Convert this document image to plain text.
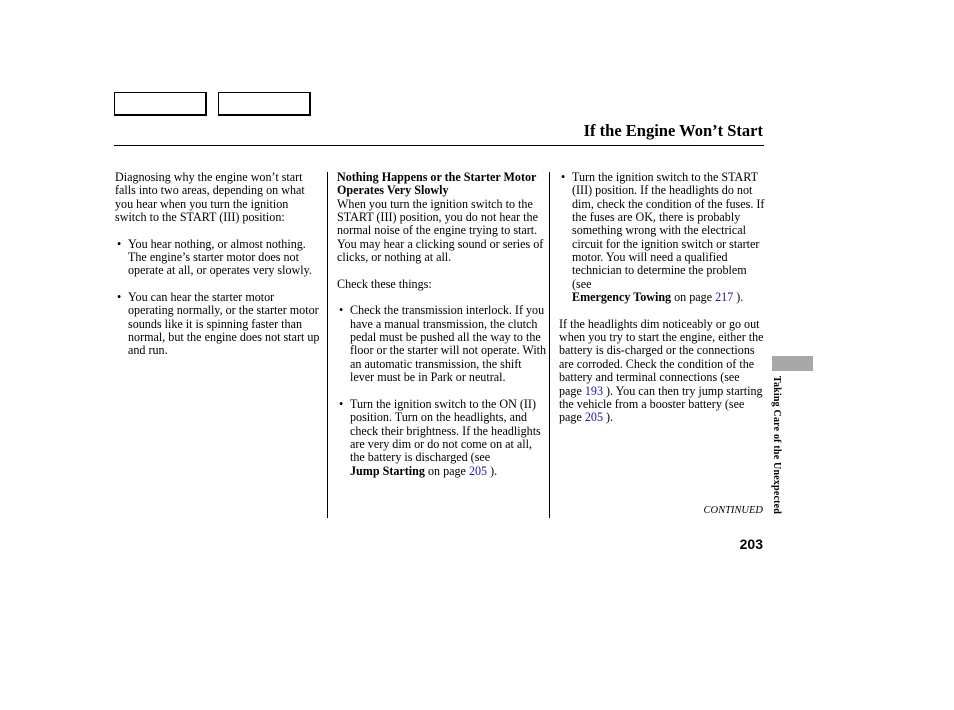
If the Engine Won’t Start

Diagnosing why the engine won’t start falls into two areas, depending on what you hear when you turn the ignition switch to the START (III) position:

• You hear nothing, or almost nothing. The engine’s starter motor does not operate at all, or operates very slowly.

• You can hear the starter motor operating normally, or the starter motor sounds like it is spinning faster than normal, but the engine does not start up and run.

Nothing Happens or the Starter Motor Operates Very Slowly

When you turn the ignition switch to the START (III) position, you do not hear the normal noise of the engine trying to start. You may hear a clicking sound or series of clicks, or nothing at all.

Check these things:

• Check the transmission interlock. If you have a manual transmission, the clutch pedal must be pushed all the way to the floor or the starter will not operate. With an automatic transmission, the shift lever must be in Park or neutral.

• Turn the ignition switch to the ON (II) position. Turn on the headlights, and check their brightness. If the headlights are very dim or do not come on at all, the battery is discharged (see
Jump Starting on page 205 ).

• Turn the ignition switch to the START (III) position. If the headlights do not dim, check the condition of the fuses. If the fuses are OK, there is probably something wrong with the electrical circuit for the ignition switch or starter motor. You will need a qualified technician to determine the problem (see
Emergency Towing on page 217 ).

If the headlights dim noticeably or go out when you try to start the engine, either the battery is dis-charged or the connections are corroded. Check the condition of the battery and terminal connections (see page 193 ). You can then try jump starting the vehicle from a booster battery (see page 205 ).

CONTINUED
203
Taking Care of the Unexpected
